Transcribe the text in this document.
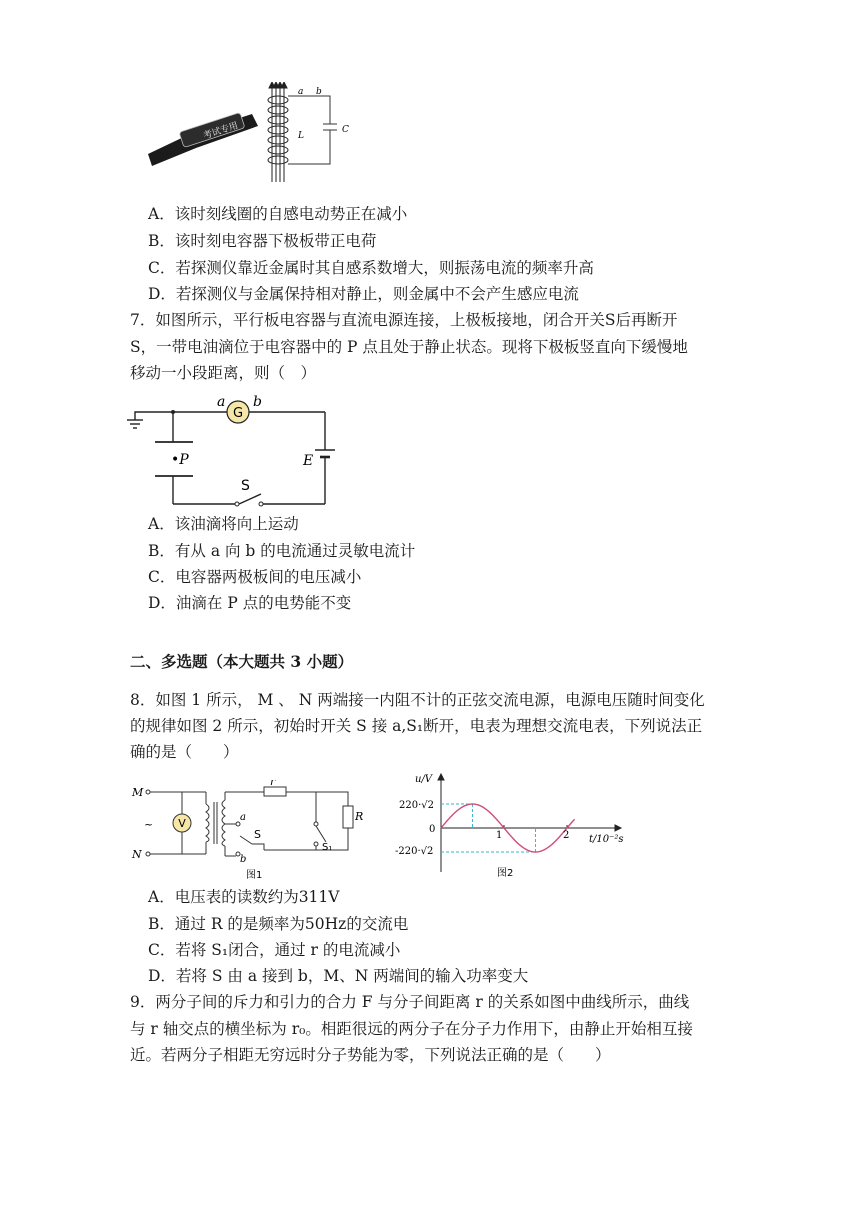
考试专用
a b
L
C
A．该时刻线圈的自感电动势正在减小
B．该时刻电容器下极板带正电荷
C．若探测仪靠近金属时其自感系数增大，则振荡电流的频率升高
D．若探测仪与金属保持相对静止，则金属中不会产生感应电流
7．如图所示，平行板电容器与直流电源连接，上极板接地，闭合开关S后再断开
S，一带电油滴位于电容器中的 P 点且处于静止状态。现将下极板竖直向下缓慢地
移动一小段距离，则（　）
G
a b
•P	E
S
A．该油滴将向上运动
B．有从 a 向 b 的电流通过灵敏电流计
C．电容器两极板间的电压减小
D．油滴在 P 点的电势能不变
二、多选题（本大题共 3 小题）
8．如图 1 所示， M 、 N 两端接一内阻不计的正弦交流电源，电源电压随时间变化
的规律如图 2 所示，初始时开关 S 接 a,S₁断开，电表为理想交流电表，下列说法正
确的是（　　）
V
M
N
~
r
R
a
b
S
S₁
图1
u/V
220·√2
0
-220·√2
1	2 t/10⁻²s
图2
A．电压表的读数约为311V
B．通过 R 的是频率为50Hz的交流电
C．若将 S₁闭合，通过 r 的电流减小
D．若将 S 由 a 接到 b，M、N 两端间的输入功率变大
9．两分子间的斥力和引力的合力 F 与分子间距离 r 的关系如图中曲线所示，曲线
与 r 轴交点的横坐标为 r₀。相距很远的两分子在分子力作用下，由静止开始相互接
近。若两分子相距无穷远时分子势能为零，下列说法正确的是（　　）
